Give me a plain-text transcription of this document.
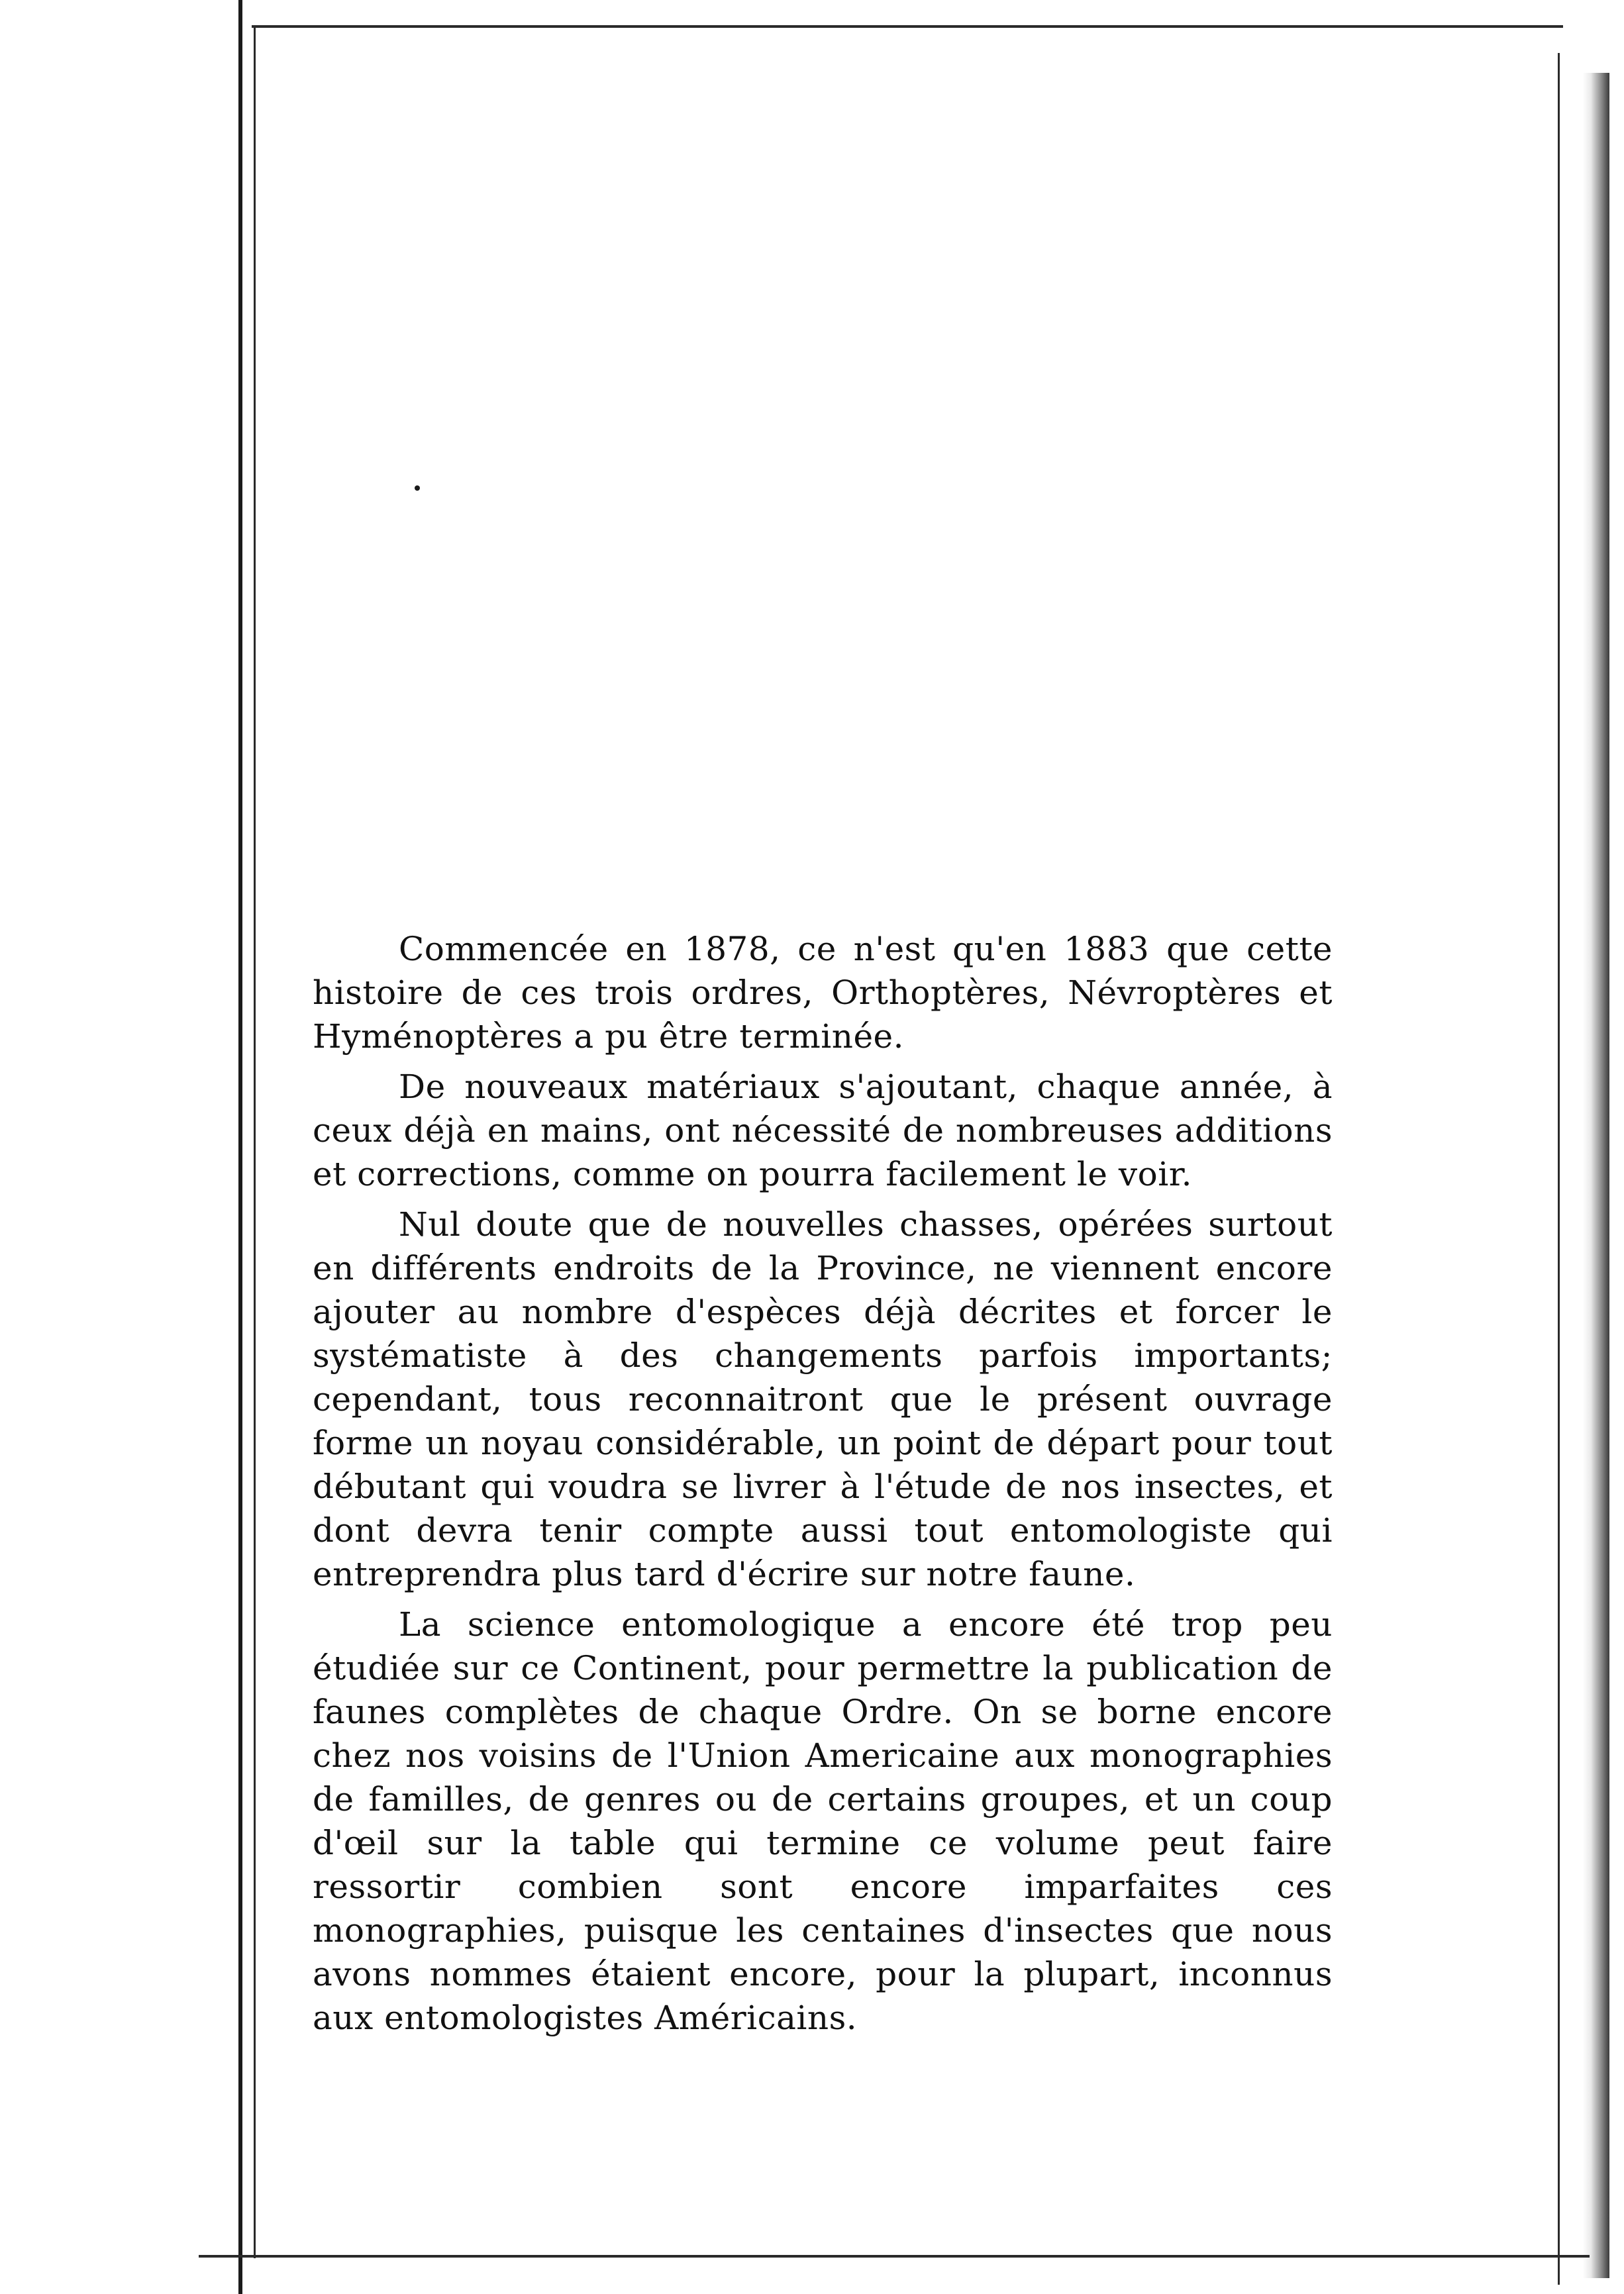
Commencée en 1878, ce n'est qu'en 1883 que cette histoire de ces trois ordres, Orthoptères, Névroptères et Hyménoptères a pu être terminée.

De nouveaux matériaux s'ajoutant, chaque année, à ceux déjà en mains, ont nécessité de nombreuses additions et corrections, comme on pourra facilement le voir.

Nul doute que de nouvelles chasses, opérées surtout en différents endroits de la Province, ne viennent encore ajouter au nombre d'espèces déjà décrites et forcer le systématiste à des changements parfois importants; cependant, tous reconnaitront que le présent ouvrage forme un noyau considérable, un point de départ pour tout débutant qui voudra se livrer à l'étude de nos insectes, et dont devra tenir compte aussi tout entomologiste qui entreprendra plus tard d'écrire sur notre faune.

La science entomologique a encore été trop peu étudiée sur ce Continent, pour permettre la publication de faunes complètes de chaque Ordre. On se borne encore chez nos voisins de l'Union Americaine aux monographies de familles, de genres ou de certains groupes, et un coup d'œil sur la table qui termine ce volume peut faire ressortir combien sont encore imparfaites ces monographies, puisque les centaines d'insectes que nous avons nommes étaient encore, pour la plupart, inconnus aux entomologistes Américains.
